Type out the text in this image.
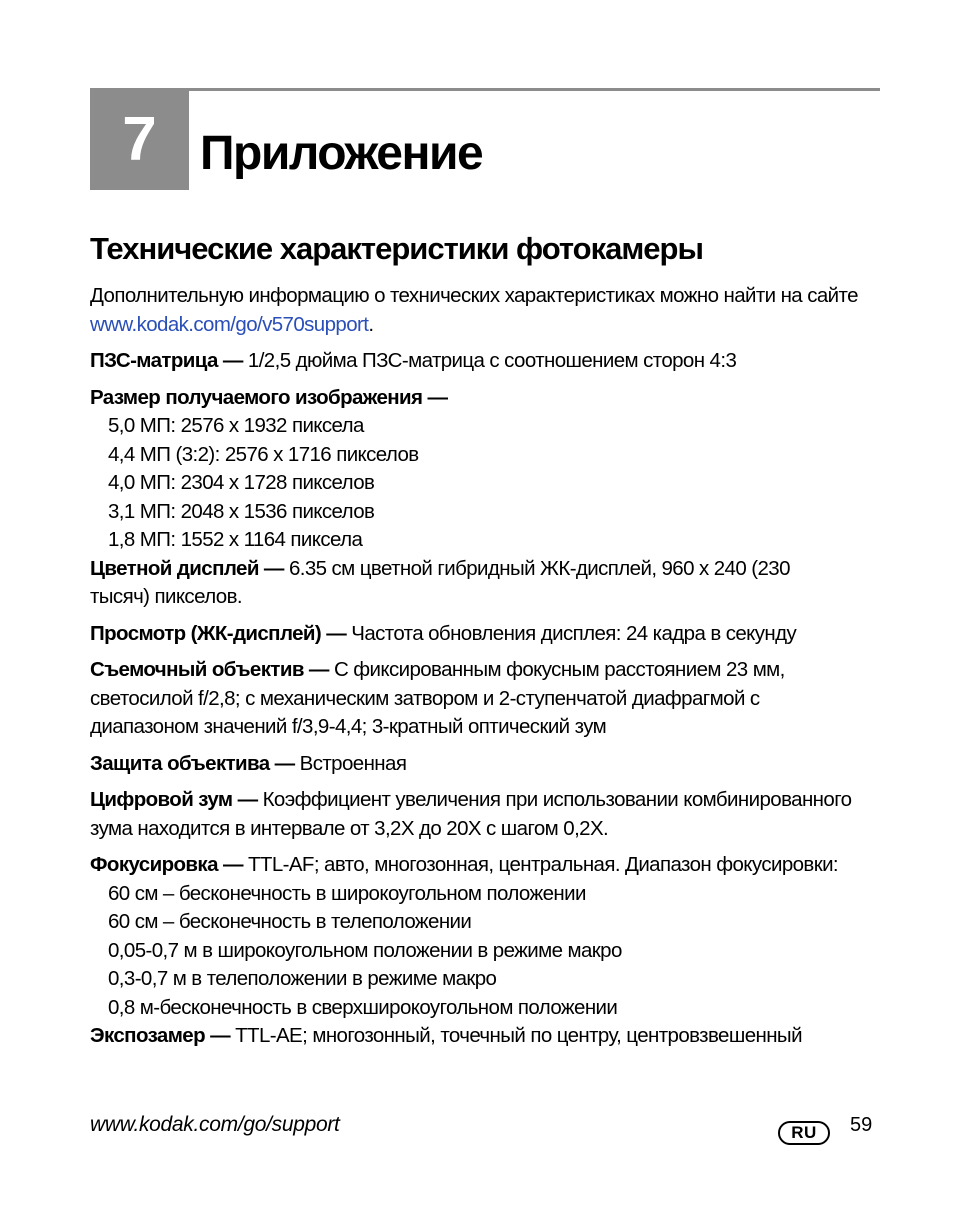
7 Приложение
Технические характеристики фотокамеры

Дополнительную информацию о технических характеристиках можно найти на сайте www.kodak.com/go/v570support.

ПЗС-матрица — 1/2,5 дюйма ПЗС-матрица с соотношением сторон 4:3

Размер получаемого изображения —

5,0 МП: 2576 x 1932 пиксела
4,4 МП (3:2): 2576 x 1716 пикселов
4,0 МП: 2304 x 1728 пикселов
3,1 МП: 2048 x 1536 пикселов
1,8 МП: 1552 x 1164 пиксела

Цветной дисплей — 6.35 см цветной гибридный ЖК-дисплей, 960 x 240 (230 тысяч) пикселов.

Просмотр (ЖК-дисплей) — Частота обновления дисплея: 24 кадра в секунду

Съемочный объектив — С фиксированным фокусным расстоянием 23 мм, светосилой f/2,8; с механическим затвором и 2-ступенчатой диафрагмой с диапазоном значений f/3,9-4,4; 3-кратный оптический зум

Защита объектива — Встроенная

Цифровой зум — Коэффициент увеличения при использовании комбинированного зума находится в интервале от 3,2X до 20X с шагом 0,2X.

Фокусировка — TTL-AF; авто, многозонная, центральная. Диапазон фокусировки:

60 см – бесконечность в широкоугольном положении
60 см – бесконечность в телеположении
0,05-0,7 м в широкоугольном положении в режиме макро
0,3-0,7 м в телеположении в режиме макро
0,8 м-бесконечность в сверхширокоугольном положении

Экспозамер — TTL-AE; многозонный, точечный по центру, центровзвешенный

www.kodak.com/go/support	RU 59
